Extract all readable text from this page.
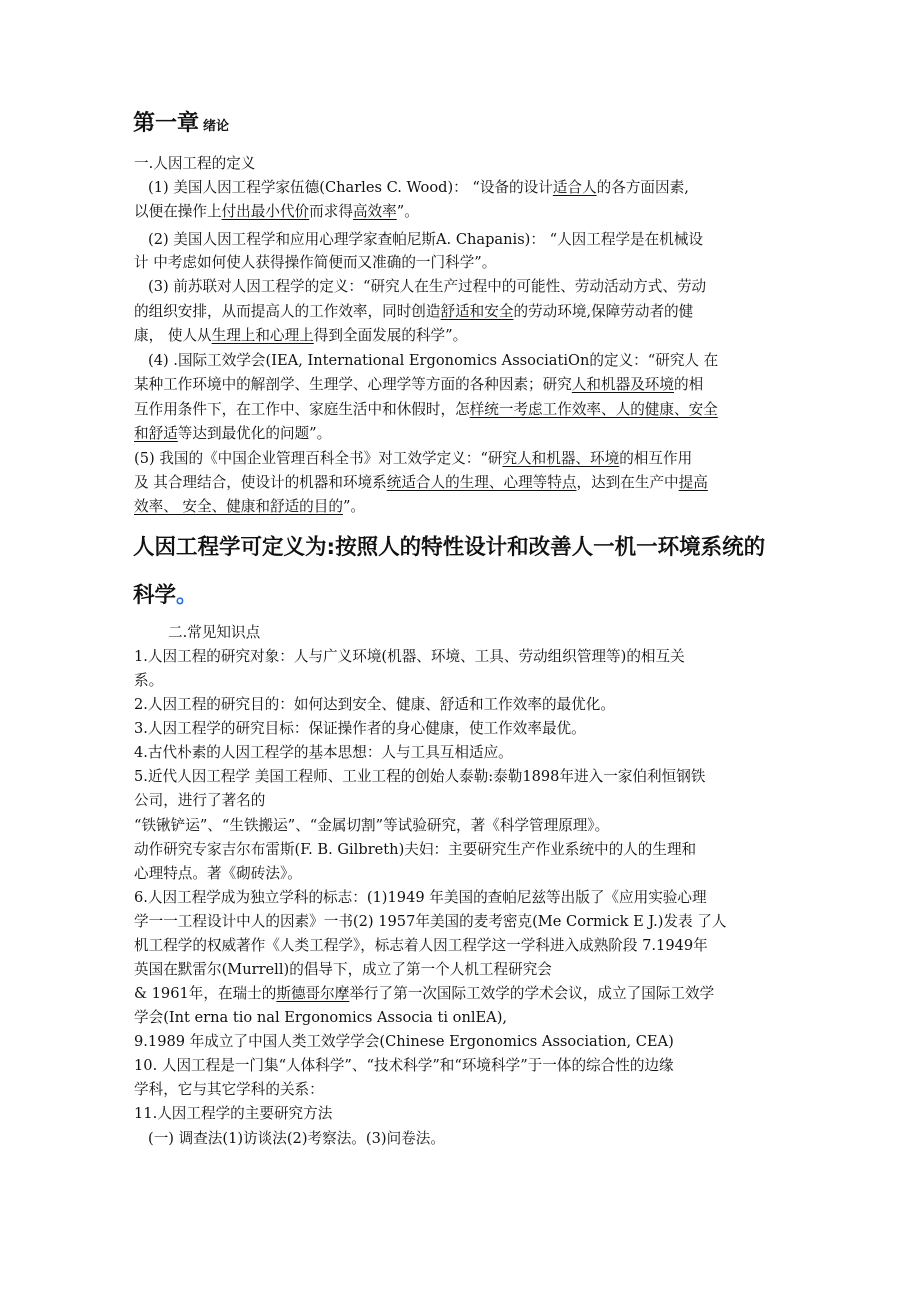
第一章 绪论
一.人因工程的定义
(1) 美国人因工程学家伍德(Charles C. Wood)： “设备的设计适合人的各方面因素,
以便在操作上付出最小代价而求得高效率”。
(2) 美国人因工程学和应用心理学家查帕尼斯A. Chapanis)： “人因工程学是在机械设
计 中考虑如何使人获得操作简便而又准确的一门科学”。
(3) 前苏联对人因工程学的定义：“研究人在生产过程中的可能性、劳动活动方式、劳动
的组织安排，从而提高人的工作效率，同时创造舒适和安全的劳动环境,保障劳动者的健
康， 使人从生理上和心理上得到全面发展的科学”。
(4) .国际工效学会(IEA, International Ergonomics AssociatiOn的定义：“研究人 在
某种工作环境中的解剖学、生理学、心理学等方面的各种因素；研究人和机器及环境的相
互作用条件下，在工作中、家庭生活中和休假时，怎样统一考虑工作效率、人的健康、安全
和舒适等达到最优化的问题”。
(5) 我国的《中国企业管理百科全书》对工效学定义：“研究人和机器、环境的相互作用
及 其合理结合，使设计的机器和环境系统适合人的生理、心理等特点，达到在生产中提高
效率、 安全、健康和舒适的目的”。
人因工程学可定义为:按照人的特性设计和改善人一机一环境系统的
科学。
二.常见知识点
1.人因工程的研究对象：人与广义环境(机器、环境、工具、劳动组织管理等)的相互关
系。
2.人因工程的研究目的：如何达到安全、健康、舒适和工作效率的最优化。
3.人因工程学的研究目标：保证操作者的身心健康，使工作效率最优。
4.古代朴素的人因工程学的基本思想：人与工具互相适应。
5.近代人因工程学 美国工程师、工业工程的创始人泰勒:泰勒1898年进入一家伯利恒钢铁
公司，进行了著名的
“铁锹铲运”、“生铁搬运”、“金属切割”等试验研究，著《科学管理原理》。
动作研究专家吉尔布雷斯(F. B. Gilbreth)夫妇：主要研究生产作业系统中的人的生理和
心理特点。著《砌砖法》。
6.人因工程学成为独立学科的标志：(1)1949 年美国的查帕尼兹等出版了《应用实验心理
学一一工程设计中人的因素》一书(2) 1957年美国的麦考密克(Me Cormick E J.)发表 了人
机工程学的权威著作《人类工程学》，标志着人因工程学这一学科进入成熟阶段 7.1949年
英国在默雷尔(Murrell)的倡导下，成立了第一个人机工程研究会
& 1961年，在瑞士的斯德哥尔摩举行了第一次国际工效学的学术会议，成立了国际工效学
学会(Int erna tio nal Ergonomics Associa ti onlEA),
9.1989 年成立了中国人类工效学学会(Chinese Ergonomics Association, CEA)
10. 人因工程是一门集“人体科学”、“技术科学”和“环境科学”于一体的综合性的边缘
学科，它与其它学科的关系：
11.人因工程学的主要研究方法
(一) 调查法(1)访谈法(2)考察法。(3)问卷法。
